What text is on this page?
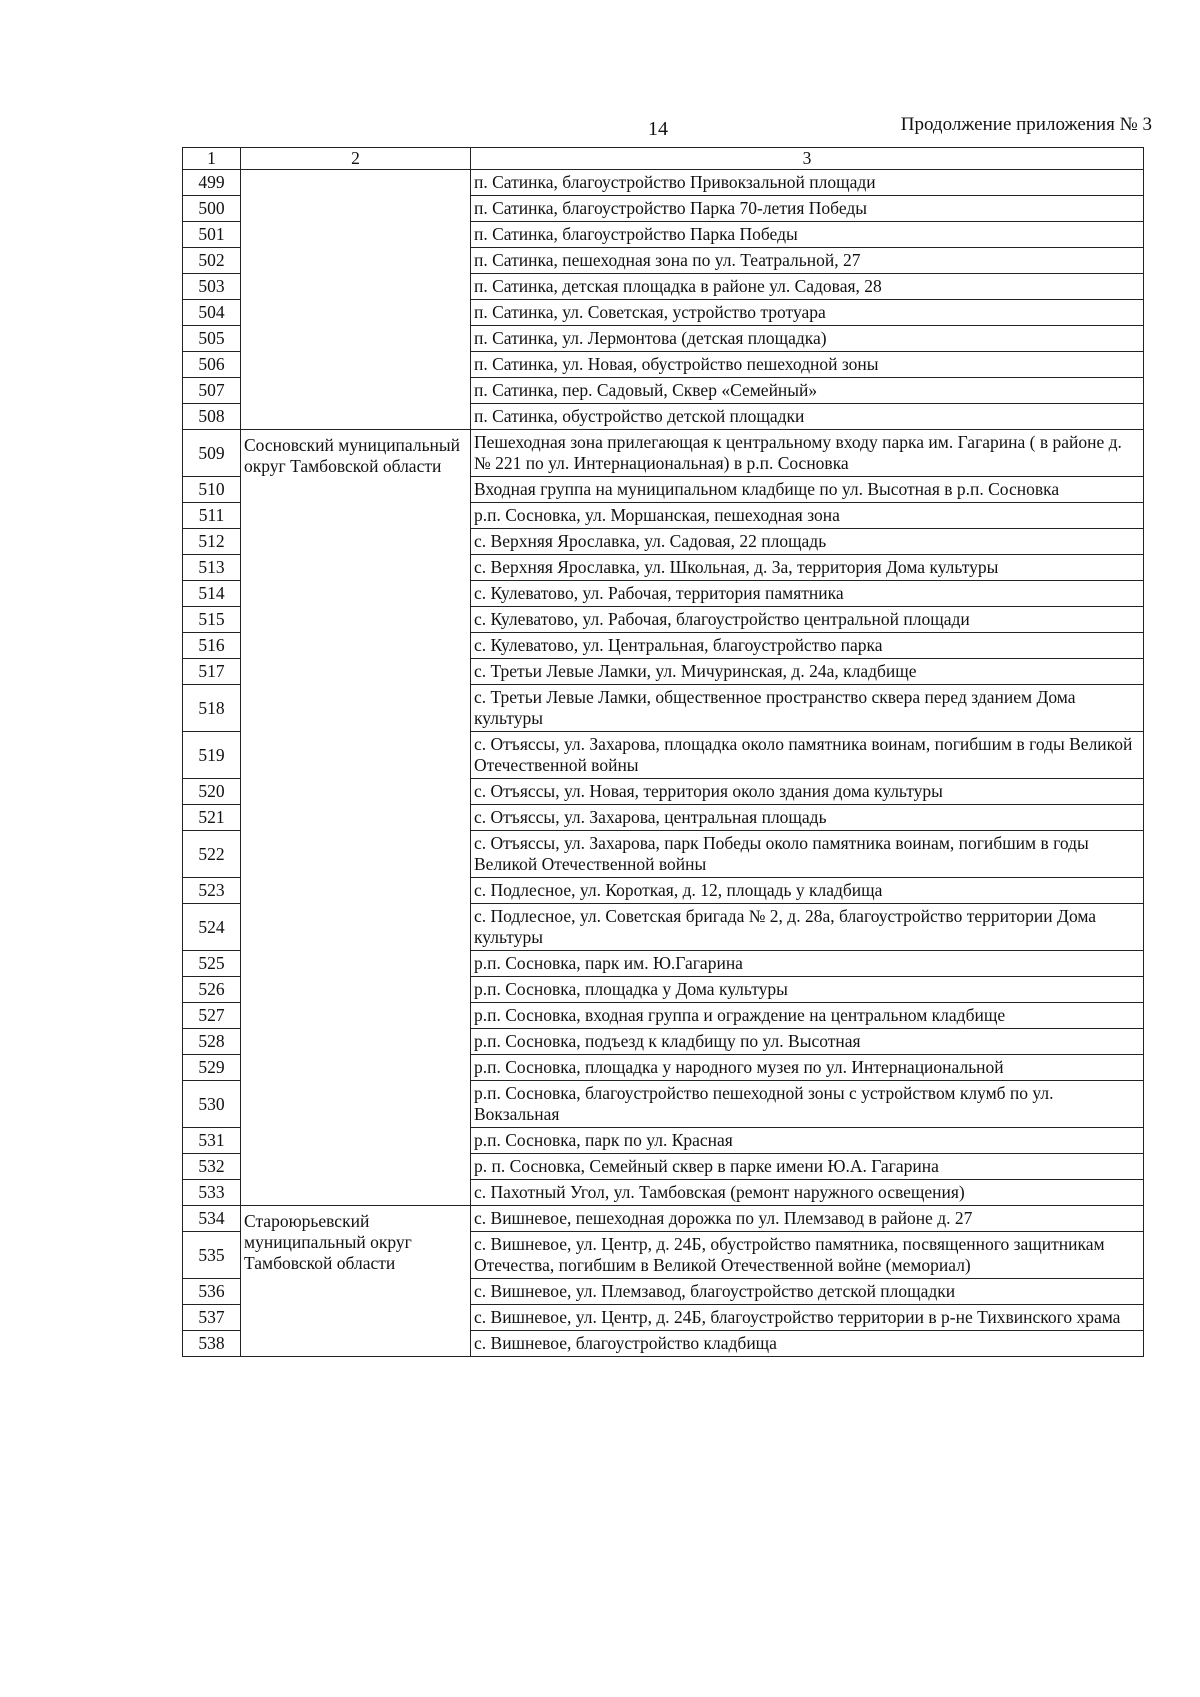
14	Продолжение приложения № 3
1	2	3
499		п. Сатинка, благоустройство Привокзальной площади
500		п. Сатинка, благоустройство Парка 70-летия Победы
501		п. Сатинка, благоустройство Парка Победы
502		п. Сатинка, пешеходная зона по ул. Театральной, 27
503		п. Сатинка, детская площадка в районе ул. Садовая, 28
504		п. Сатинка, ул. Советская, устройство тротуара
505		п. Сатинка, ул. Лермонтова (детская площадка)
506		п. Сатинка, ул. Новая, обустройство пешеходной зоны
507		п. Сатинка, пер. Садовый, Сквер «Семейный»
508		п. Сатинка, обустройство детской площадки
509	Сосновский муниципальный округ Тамбовской области	Пешеходная зона прилегающая к центральному входу парка им. Гагарина ( в районе д. № 221 по ул. Интернациональная) в р.п. Сосновка
510		Входная группа на муниципальном кладбище по ул. Высотная в р.п. Сосновка
511		р.п. Сосновка, ул. Моршанская, пешеходная зона
512		с. Верхняя Ярославка, ул. Садовая, 22 площадь
513		с. Верхняя Ярославка, ул. Школьная, д. 3а, территория Дома культуры
514		с. Кулеватово, ул. Рабочая, территория памятника
515		с. Кулеватово, ул. Рабочая, благоустройство центральной площади
516		с. Кулеватово, ул. Центральная, благоустройство парка
517		с. Третьи Левые Ламки, ул. Мичуринская, д. 24а, кладбище
518		с. Третьи Левые Ламки, общественное пространство сквера перед зданием Дома культуры
519		с. Отъяссы, ул. Захарова, площадка около памятника воинам, погибшим в годы Великой Отечественной войны
520		с. Отъяссы, ул. Новая, территория около здания дома культуры
521		с. Отъяссы, ул. Захарова, центральная площадь
522		с. Отъяссы, ул. Захарова, парк Победы около памятника воинам, погибшим в годы Великой Отечественной войны
523		с. Подлесное, ул. Короткая, д. 12, площадь у кладбища
524		с. Подлесное, ул. Советская бригада № 2, д. 28а, благоустройство территории Дома культуры
525		р.п. Сосновка, парк им. Ю.Гагарина
526		р.п. Сосновка, площадка у Дома культуры
527		р.п. Сосновка, входная группа и ограждение на центральном кладбище
528		р.п. Сосновка, подъезд к кладбищу по ул. Высотная
529		р.п. Сосновка, площадка у народного музея по ул. Интернациональной
530		р.п. Сосновка, благоустройство пешеходной зоны с устройством клумб по ул. Вокзальная
531		р.п. Сосновка, парк по ул. Красная
532		р. п. Сосновка, Семейный сквер в парке имени Ю.А. Гагарина
533		с. Пахотный Угол, ул. Тамбовская (ремонт наружного освещения)
534	Староюрьевский муниципальный округ Тамбовской области	с. Вишневое, пешеходная дорожка по ул. Племзавод в районе д. 27
535		с. Вишневое, ул. Центр, д. 24Б, обустройство памятника, посвященного защитникам Отечества, погибшим в Великой Отечественной войне (мемориал)
536		с. Вишневое, ул. Племзавод, благоустройство детской площадки
537		с. Вишневое, ул. Центр, д. 24Б, благоустройство территории в р-не Тихвинского храма
538		с. Вишневое, благоустройство кладбища
